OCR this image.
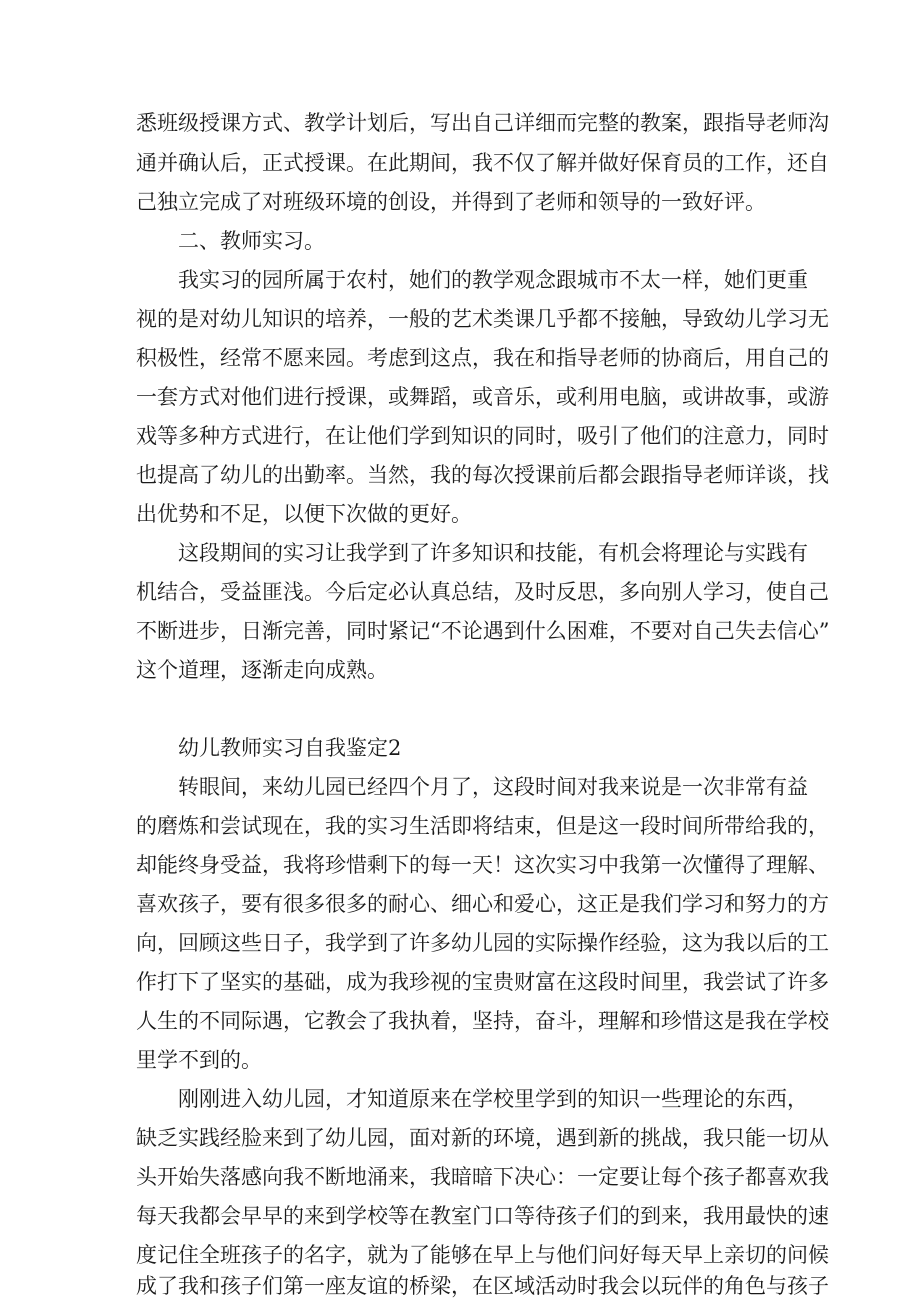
悉班级授课方式、教学计划后，写出自己详细而完整的教案，跟指导老师沟
通并确认后，正式授课。在此期间，我不仅了解并做好保育员的工作，还自
己独立完成了对班级环境的创设，并得到了老师和领导的一致好评。
二、教师实习。
我实习的园所属于农村，她们的教学观念跟城市不太一样，她们更重
视的是对幼儿知识的培养，一般的艺术类课几乎都不接触，导致幼儿学习无
积极性，经常不愿来园。考虑到这点，我在和指导老师的协商后，用自己的
一套方式对他们进行授课，或舞蹈，或音乐，或利用电脑，或讲故事，或游
戏等多种方式进行，在让他们学到知识的同时，吸引了他们的注意力，同时
也提高了幼儿的出勤率。当然，我的每次授课前后都会跟指导老师详谈，找
出优势和不足，以便下次做的更好。
这段期间的实习让我学到了许多知识和技能，有机会将理论与实践有
机结合，受益匪浅。今后定必认真总结，及时反思，多向别人学习，使自己
不断进步，日渐完善，同时紧记“不论遇到什么困难，不要对自己失去信心”
这个道理，逐渐走向成熟。
幼儿教师实习自我鉴定2
转眼间，来幼儿园已经四个月了，这段时间对我来说是一次非常有益
的磨炼和尝试现在，我的实习生活即将结束，但是这一段时间所带给我的，
却能终身受益，我将珍惜剩下的每一天！这次实习中我第一次懂得了理解、
喜欢孩子，要有很多很多的耐心、细心和爱心，这正是我们学习和努力的方
向，回顾这些日子，我学到了许多幼儿园的实际操作经验，这为我以后的工
作打下了坚实的基础，成为我珍视的宝贵财富在这段时间里，我尝试了许多
人生的不同际遇，它教会了我执着，坚持，奋斗，理解和珍惜这是我在学校
里学不到的。
刚刚进入幼儿园，才知道原来在学校里学到的知识一些理论的东西，
缺乏实践经脸来到了幼儿园，面对新的环境，遇到新的挑战，我只能一切从
头开始失落感向我不断地涌来，我暗暗下决心：一定要让每个孩子都喜欢我
每天我都会早早的来到学校等在教室门口等待孩子们的到来，我用最快的速
度记住全班孩子的名字，就为了能够在早上与他们问好每天早上亲切的问候
成了我和孩子们第一座友谊的桥梁，在区域活动时我会以玩伴的角色与孩子
